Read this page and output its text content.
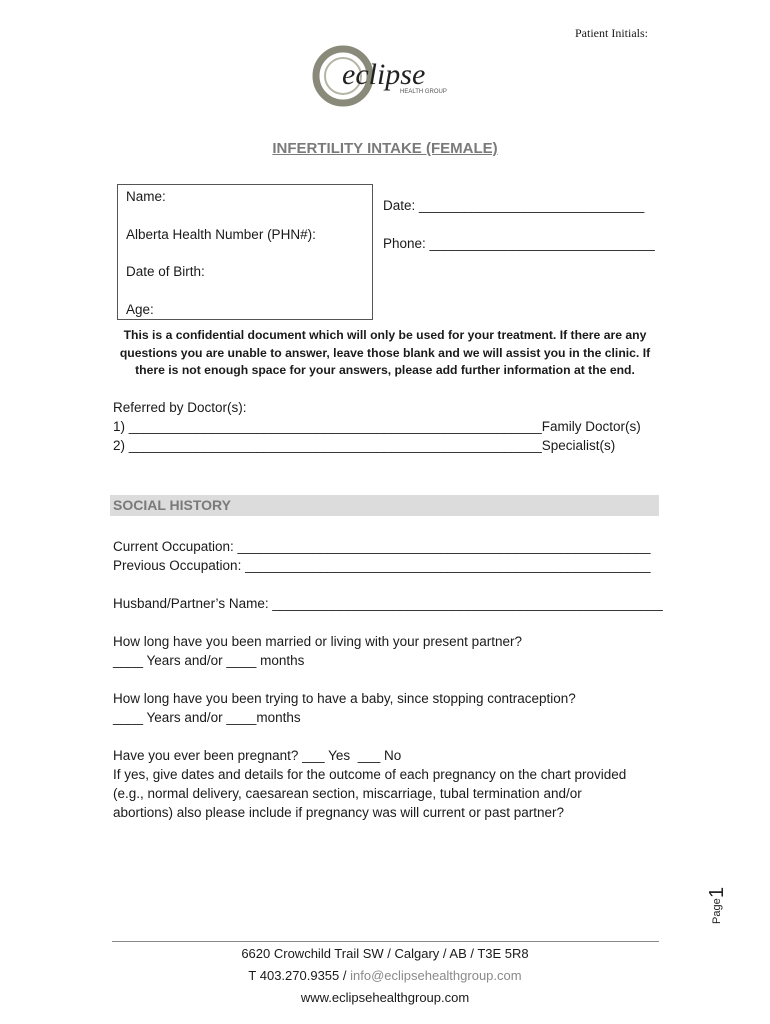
Patient Initials:
eclipse
HEALTH GROUP
INFERTILITY INTAKE (FEMALE)
Name:
Alberta Health Number (PHN#):
Date of Birth:
Age:
Date: ______________________________
Phone: ______________________________
This is a confidential document which will only be used for your treatment. If there are any questions you are unable to answer, leave those blank and we will assist you in the clinic. If there is not enough space for your answers, please add further information at the end.
Referred by Doctor(s):
1) _______________________________________________________Family Doctor(s)
2) _______________________________________________________Specialist(s)
SOCIAL HISTORY
Current Occupation: _______________________________________________________
Previous Occupation: ______________________________________________________
Husband/Partner’s Name: ____________________________________________________
How long have you been married or living with your present partner?
____ Years and/or ____ months
How long have you been trying to have a baby, since stopping contraception?
____ Years and/or ____months
Have you ever been pregnant? ___ Yes  ___ No
If yes, give dates and details for the outcome of each pregnancy on the chart provided
(e.g., normal delivery, caesarean section, miscarriage, tubal termination and/or
abortions) also please include if pregnancy was will current or past partner?
Page
1
6620 Crowchild Trail SW / Calgary / AB / T3E 5R8
T 403.270.9355 / info@eclipsehealthgroup.com
www.eclipsehealthgroup.com
